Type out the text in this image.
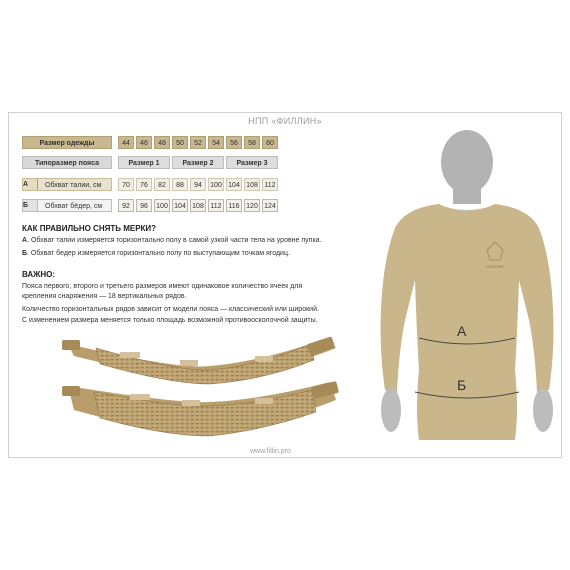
НПП «ФИЛЛИН»
Размер одежды	44	46	48	50	52	54	56	58	60
Типоразмер пояса	Размер 1	Размер 2	Размер 3
А	Обхват талии, см	70	76	82	88	94	100 104 108 112
Б	Обхват бёдер, см	92	96	100 104 108 112 116 120 124
КАК ПРАВИЛЬНО СНЯТЬ МЕРКИ?
А. Обхват талии измеряется горизонтально полу в самой узкой части тела на уровне пупка.
Б. Обхват бедер измеряется горизонтально полу по выступающим точкам ягодиц.
ВАЖНО:
Пояса первого, второго и третьего размеров имеют одинаковое количество ячеек для
крепления снаряжения — 18 вертикальных рядов.
Количество горизонтальных рядов зависит от модели пояса — классический или широкий.
С изменением размера меняется только площадь возможной противоосколочной защиты.
ФИЛЛИН
А
Б
www.fillin.pro
